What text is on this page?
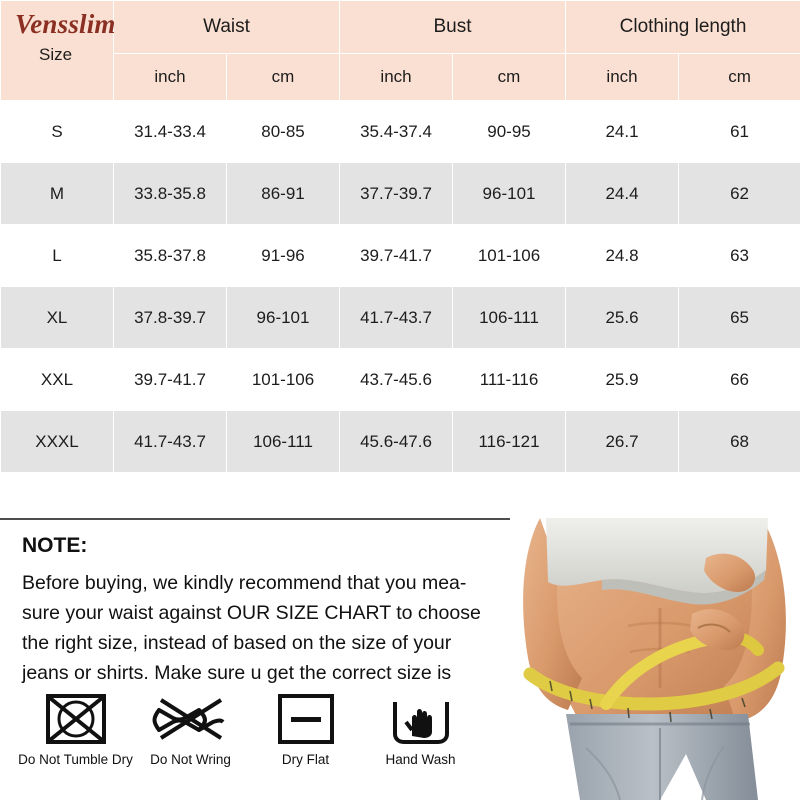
Vensslim
Size	Waist		Bust		Clothing length	
	inch	cm	inch	cm	inch	cm
S	31.4-33.4	80-85	35.4-37.4	90-95	24.1	61
M	33.8-35.8	86-91	37.7-39.7	96-101	24.4	62
L	35.8-37.8	91-96	39.7-41.7	101-106	24.8	63
XL	37.8-39.7	96-101	41.7-43.7	106-111	25.6	65
XXL	39.7-41.7	101-106	43.7-45.6	111-116	25.9	66
XXXL	41.7-43.7	106-111	45.6-47.6	116-121	26.7	68
NOTE:
Before buying, we kindly recommend that you mea-
sure your waist against OUR SIZE CHART to choose
the right size, instead of based on the size of your
jeans or shirts. Make sure u get the correct size is
Do Not Tumble Dry	Do Not Wring	Dry Flat	Hand Wash
